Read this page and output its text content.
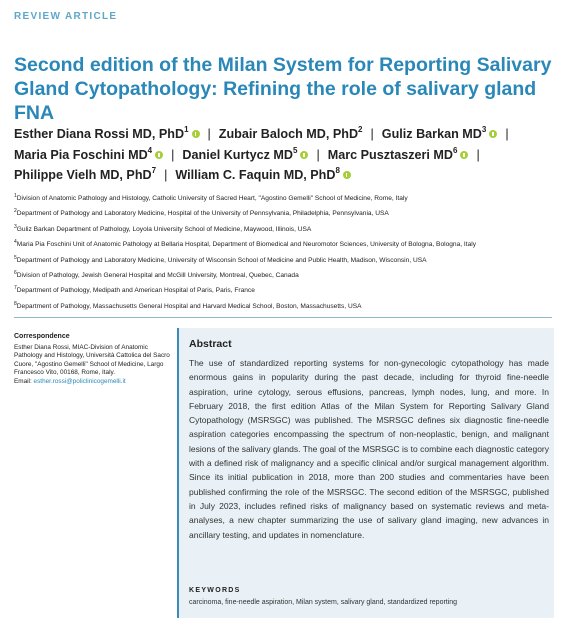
REVIEW ARTICLE
Second edition of the Milan System for Reporting Salivary Gland Cytopathology: Refining the role of salivary gland FNA
Esther Diana Rossi MD, PhD$^1$ | Zubair Baloch MD, PhD$^2$ | Guliz Barkan $MD^3$ |
Maria Pia Foschini $MD^4$ | Daniel Kurtycz $MD^5$ | Marc Pusztaszeri $MD^6$ |
Philippe Vielh MD, PhD$^7$ | William C. Faquin MD, PhD$^8$
$^1$Division of Anatomic Pathology and Histology, Catholic University of Sacred Heart, "Agostino Gemelli" School of Medicine, Rome, Italy
$^2$Department of Pathology and Laboratory Medicine, Hospital of the University of Pennsylvania, Philadelphia, Pennsylvania, USA
$^3$Guliz Barkan Department of Pathology, Loyola University School of Medicine, Maywood, Illinois, USA
$^4$Maria Pia Foschini Unit of Anatomic Pathology at Bellaria Hospital, Department of Biomedical and Neuromotor Sciences, University of Bologna, Bologna, Italy
$^5$Department of Pathology and Laboratory Medicine, University of Wisconsin School of Medicine and Public Health, Madison, Wisconsin, USA
$^6$Division of Pathology, Jewish General Hospital and McGill University, Montreal, Quebec, Canada
$^7$Department of Pathology, Medipath and American Hospital of Paris, Paris, France
$^8$Department of Pathology, Massachusetts General Hospital and Harvard Medical School, Boston, Massachusetts, USA
Correspondence
Esther Diana Rossi, MIAC-Division of Anatomic Pathology and Histology, Università Cattolica del Sacro Cuore, "Agostino Gemelli" School of Medicine, Largo Francesco Vito, 00168, Rome, Italy.
Email: esther.rossi@policlinicogemelli.it
Abstract
The use of standardized reporting systems for non-gynecologic cytopathology has made enormous gains in popularity during the past decade, including for thyroid fine-needle aspiration, urine cytology, serous effusions, pancreas, lymph nodes, lung, and more. In February 2018, the first edition Atlas of the Milan System for Reporting Salivary Gland Cytopathology (MSRSGC) was published. The MSRSGC defines six diagnostic fine-needle aspiration categories encompassing the spectrum of non-neoplastic, benign, and malignant lesions of the salivary glands. The goal of the MSRSGC is to combine each diagnostic category with a defined risk of malignancy and a specific clinical and/or surgical management algorithm. Since its initial publication in 2018, more than 200 studies and commentaries have been published confirming the role of the MSRSGC. The second edition of the MSRSGC, published in July 2023, includes refined risks of malignancy based on systematic reviews and meta-analyses, a new chapter summarizing the use of salivary gland imaging, new advances in ancillary testing, and updates in nomenclature.
KEYWORDS
carcinoma, fine-needle aspiration, Milan system, salivary gland, standardized reporting
